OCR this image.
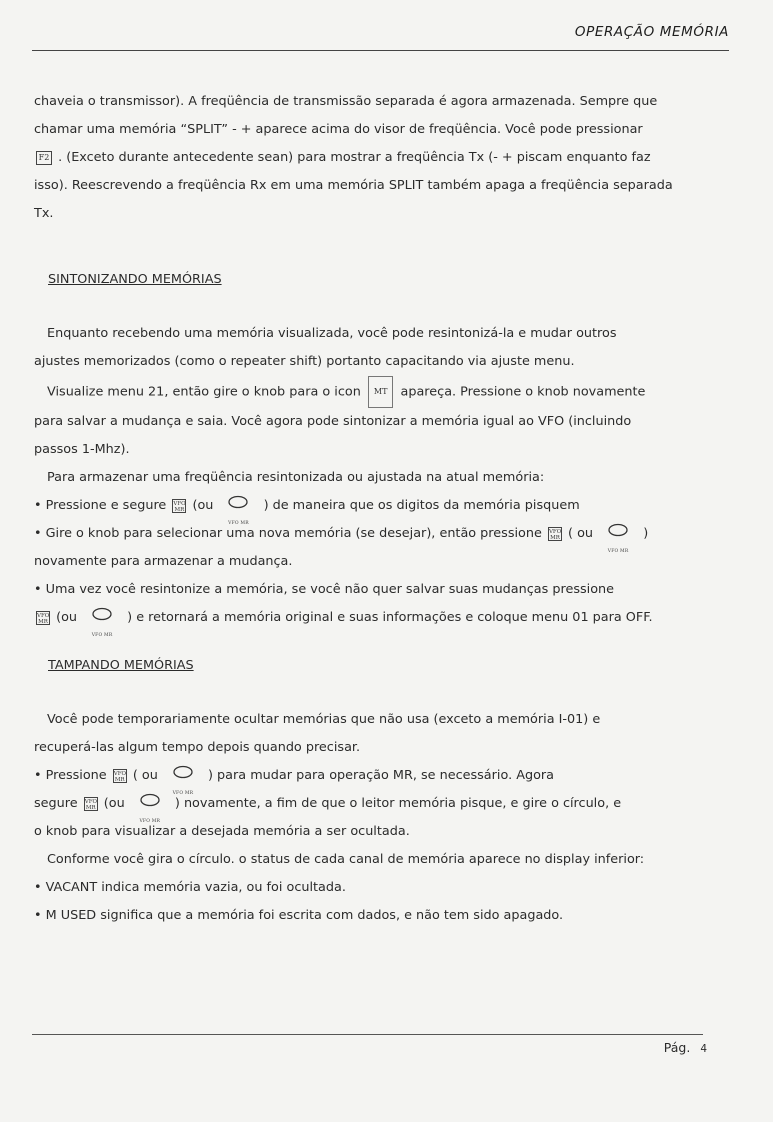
OPERAÇÃO MEMÓRIA
chaveia o transmissor). A freqüência de transmissão separada é agora armazenada. Sempre que
chamar uma memória “SPLIT” - + aparece acima do visor de freqüência. Você pode pressionar
F2 . (Exceto durante antecedente sean) para mostrar a freqüência Tx (- + piscam enquanto faz
isso). Reescrevendo a freqüência Rx em uma memória SPLIT também apaga a freqüência separada
Tx.
SINTONIZANDO MEMÓRIAS
Enquanto recebendo uma memória visualizada, você pode resintonizá-la e mudar outros
ajustes memorizados (como o repeater shift) portanto capacitando via ajuste menu.
Visualize menu 21, então gire o knob para o icon MT apareça. Pressione o knob novamente
para salvar a mudança e saia. Você agora pode sintonizar a memória igual ao VFO (incluindo
passos 1-Mhz).
Para armazenar uma freqüência resintonizada ou ajustada na atual memória:
• Pressione e segure VFO
MR (ou
VFO MR
) de maneira que os digitos da memória pisquem
• Gire o knob para selecionar uma nova memória (se desejar), então pressione VFO
MR ( ou
VFO MR
)
novamente para armazenar a mudança.
• Uma vez você resintonize a memória, se você não quer salvar suas mudanças pressione
VFO
MR (ou
VFO MR
) e retornará a memória original e suas informações e coloque menu 01 para OFF.
TAMPANDO MEMÓRIAS
Você pode temporariamente ocultar memórias que não usa (exceto a memória I-01) e
recuperá-las algum tempo depois quando precisar.
• Pressione VFO
MR ( ou
VFO MR
) para mudar para operação MR, se necessário. Agora
segure VFO
MR (ou
VFO MR
) novamente, a fim de que o leitor memória pisque, e gire o círculo, e
o knob para visualizar a desejada memória a ser ocultada.
Conforme você gira o círculo. o status de cada canal de memória aparece no display inferior:
• VACANT indica memória vazia, ou foi ocultada.
• M USED significa que a memória foi escrita com dados, e não tem sido apagado.
Pág. 4
